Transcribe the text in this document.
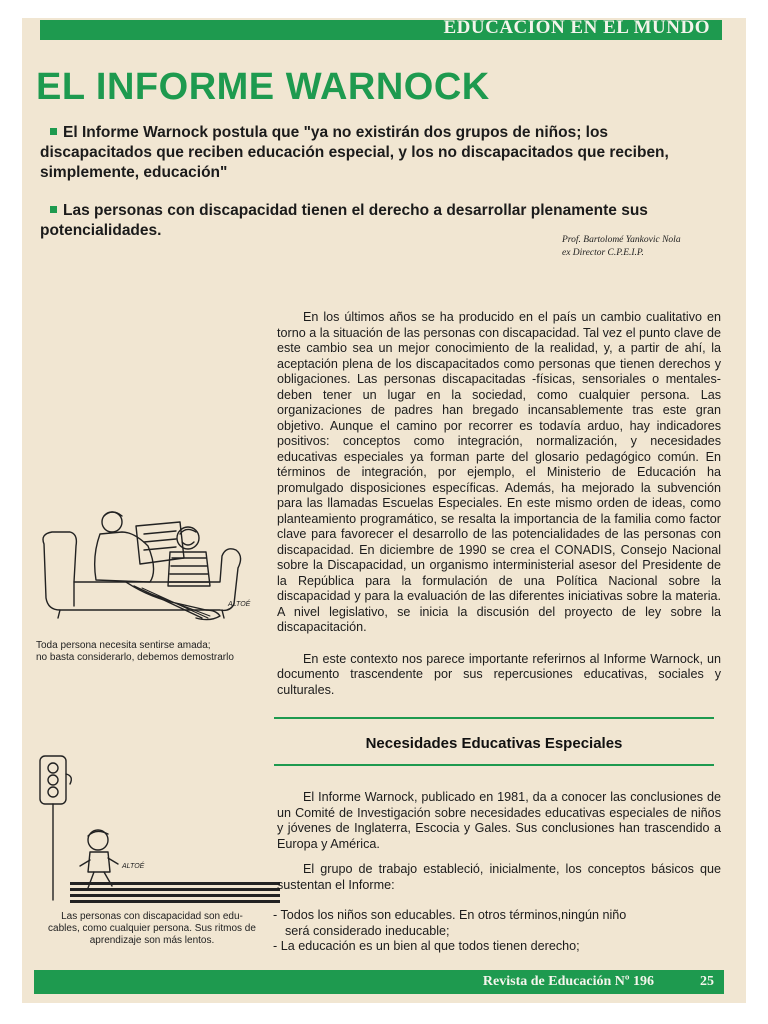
EDUCACION EN EL MUNDO
EL INFORME WARNOCK

El Informe Warnock postula que "ya no existirán dos grupos de niños; los discapacitados que reciben educación especial, y los no discapacitados que reciben, simplemente, educación"

Las personas con discapacidad tienen el derecho a desarrollar plenamente sus potencialidades.

Prof. Bartolomé Yankovic Nola
ex Director C.P.E.I.P.
ALTOÉ
Toda persona necesita sentirse amada;
no basta considerarlo, debemos demostrarlo

En los últimos años se ha producido en el país un cambio cualitativo en torno a la situación de las personas con discapacidad. Tal vez el punto clave de este cambio sea un mejor conocimiento de la realidad, y, a partir de ahí, la aceptación plena de los discapacitados como personas que tienen derechos y obligaciones. Las personas discapacitadas -físicas, sensoriales o mentales- deben tener un lugar en la sociedad, como cualquier persona. Las organizaciones de padres han bregado incansablemente tras este gran objetivo. Aunque el camino por recorrer es todavía arduo, hay indicadores positivos: conceptos como integración, normalización, y necesidades educativas especiales ya forman parte del glosario pedagógico común. En términos de integración, por ejemplo, el Ministerio de Educación ha promulgado disposiciones específicas. Además, ha mejorado la subvención para las llamadas Escuelas Especiales. En este mismo orden de ideas, como planteamiento programático, se resalta la importancia de la familia como factor clave para favorecer el desarrollo de las potencialidades de las personas con discapacidad. En diciembre de 1990 se crea el CONADIS, Consejo Nacional sobre la Discapacidad, un organismo interministerial asesor del Presidente de la República para la formulación de una Política Nacional sobre la discapacidad y para la evaluación de las diferentes iniciativas sobre la materia. A nivel legislativo, se inicia la discusión del proyecto de ley sobre la discapacitación.

En este contexto nos parece importante referirnos al Informe Warnock, un documento trascendente por sus repercusiones educativas, sociales y culturales.

Necesidades Educativas Especiales
ALTOÉ

El Informe Warnock, publicado en 1981, da a conocer las conclusiones de un Comité de Investigación sobre necesidades educativas especiales de niños y jóvenes de Inglaterra, Escocia y Gales. Sus conclusiones han trascendido a Europa y América.

El grupo de trabajo estableció, inicialmente, los conceptos básicos que sustentan el Informe:

- Todos los niños son educables. En otros términos,ningún niño
será considerado ineducable;
- La educación es un bien al que todos tienen derecho;
Las personas con discapacidad son edu-
cables, como cualquier persona. Sus ritmos de
aprendizaje son más lentos.
Revista de Educación Nº 196	25
